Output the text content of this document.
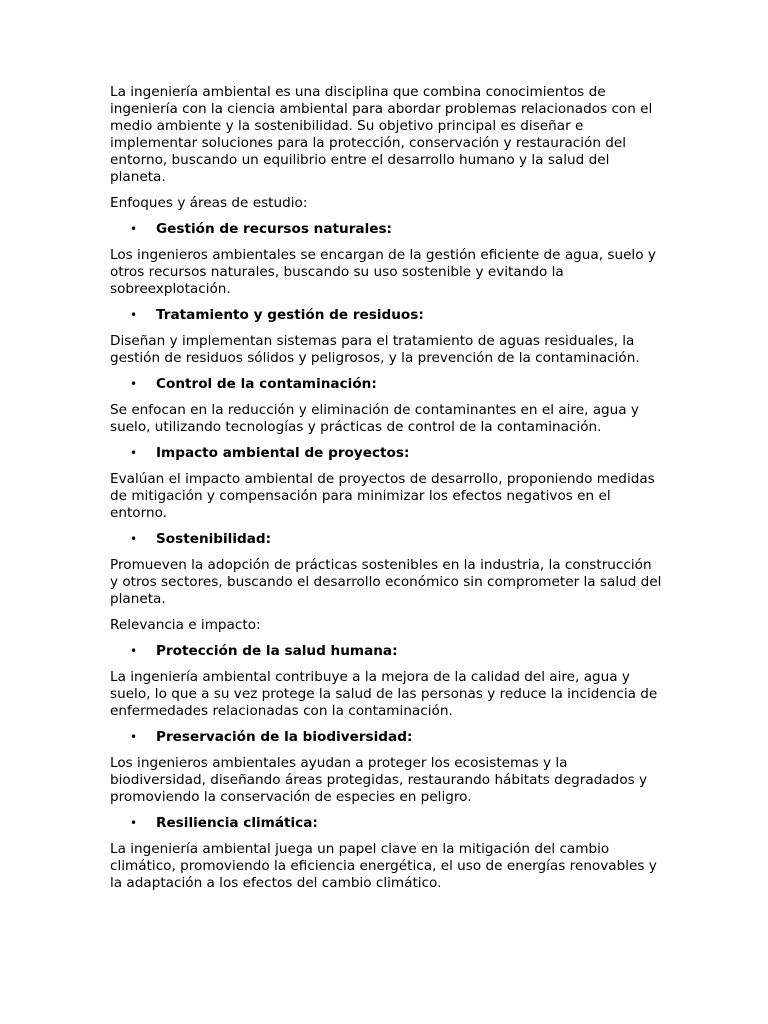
La ingeniería ambiental es una disciplina que combina conocimientos de ingeniería con la ciencia ambiental para abordar problemas relacionados con el medio ambiente y la sostenibilidad. Su objetivo principal es diseñar e implementar soluciones para la protección, conservación y restauración del entorno, buscando un equilibrio entre el desarrollo humano y la salud del planeta.

Enfoques y áreas de estudio:

•	Gestión de recursos naturales:

Los ingenieros ambientales se encargan de la gestión eficiente de agua, suelo y otros recursos naturales, buscando su uso sostenible y evitando la sobreexplotación.

•	Tratamiento y gestión de residuos:

Diseñan y implementan sistemas para el tratamiento de aguas residuales, la gestión de residuos sólidos y peligrosos, y la prevención de la contaminación.

•	Control de la contaminación:

Se enfocan en la reducción y eliminación de contaminantes en el aire, agua y suelo, utilizando tecnologías y prácticas de control de la contaminación.

•	Impacto ambiental de proyectos:

Evalúan el impacto ambiental de proyectos de desarrollo, proponiendo medidas de mitigación y compensación para minimizar los efectos negativos en el entorno.

•	Sostenibilidad:

Promueven la adopción de prácticas sostenibles en la industria, la construcción y otros sectores, buscando el desarrollo económico sin comprometer la salud del planeta.

Relevancia e impacto:

•	Protección de la salud humana:

La ingeniería ambiental contribuye a la mejora de la calidad del aire, agua y suelo, lo que a su vez protege la salud de las personas y reduce la incidencia de enfermedades relacionadas con la contaminación.

•	Preservación de la biodiversidad:

Los ingenieros ambientales ayudan a proteger los ecosistemas y la biodiversidad, diseñando áreas protegidas, restaurando hábitats degradados y promoviendo la conservación de especies en peligro.

•	Resiliencia climática:

La ingeniería ambiental juega un papel clave en la mitigación del cambio climático, promoviendo la eficiencia energética, el uso de energías renovables y la adaptación a los efectos del cambio climático.
